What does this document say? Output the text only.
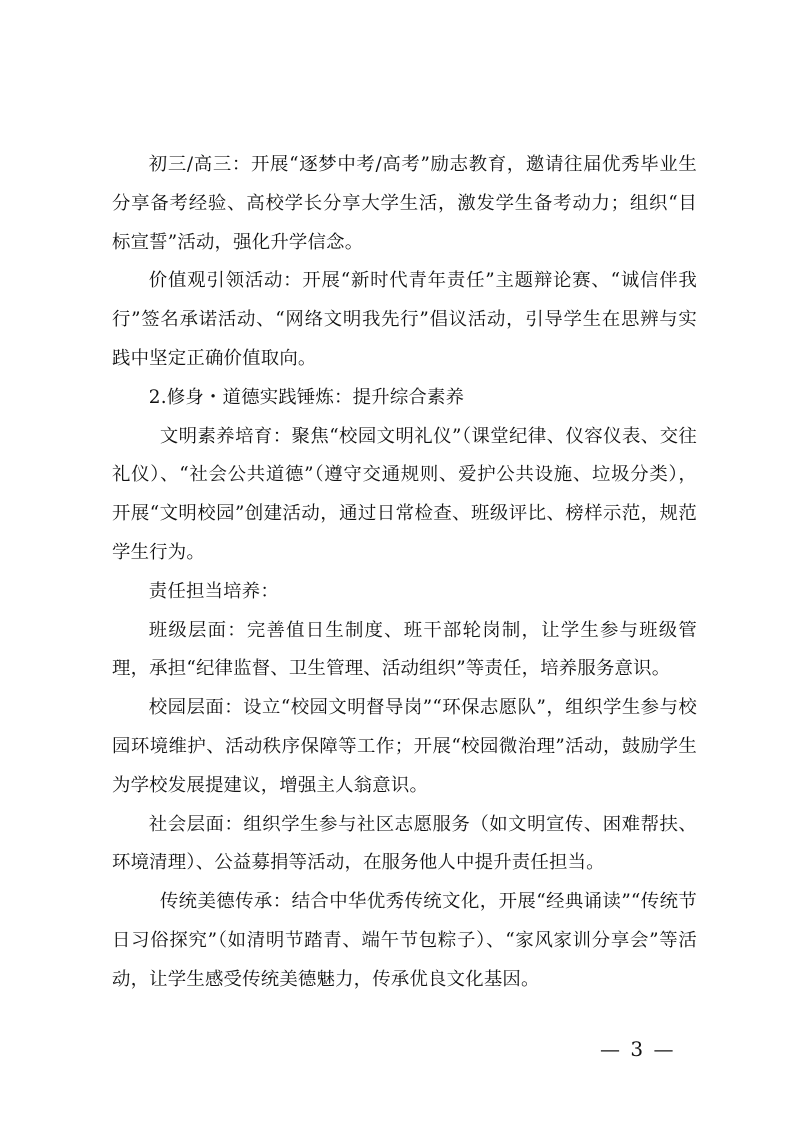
初三/高三：开展“逐梦中考/高考”励志教育，邀请往届优秀毕业生分享备考经验、高校学长分享大学生活，激发学生备考动力；组织“目标宣誓”活动，强化升学信念。

价值观引领活动：开展“新时代青年责任”主题辩论赛、“诚信伴我行”签名承诺活动、“网络文明我先行”倡议活动，引导学生在思辨与实践中坚定正确价值取向。

2.修身・道德实践锤炼：提升综合素养

文明素养培育：聚焦“校园文明礼仪”（课堂纪律、仪容仪表、交往礼仪）、“社会公共道德”（遵守交通规则、爱护公共设施、垃圾分类），开展“文明校园”创建活动，通过日常检查、班级评比、榜样示范，规范学生行为。

责任担当培养：

班级层面：完善值日生制度、班干部轮岗制，让学生参与班级管理，承担“纪律监督、卫生管理、活动组织”等责任，培养服务意识。

校园层面：设立“校园文明督导岗”“环保志愿队”，组织学生参与校园环境维护、活动秩序保障等工作；开展“校园微治理”活动，鼓励学生为学校发展提建议，增强主人翁意识。

社会层面：组织学生参与社区志愿服务（如文明宣传、困难帮扶、环境清理）、公益募捐等活动，在服务他人中提升责任担当。

传统美德传承：结合中华优秀传统文化，开展“经典诵读”“传统节日习俗探究”（如清明节踏青、端午节包粽子）、“家风家训分享会”等活动，让学生感受传统美德魅力，传承优良文化基因。

— 3 —
